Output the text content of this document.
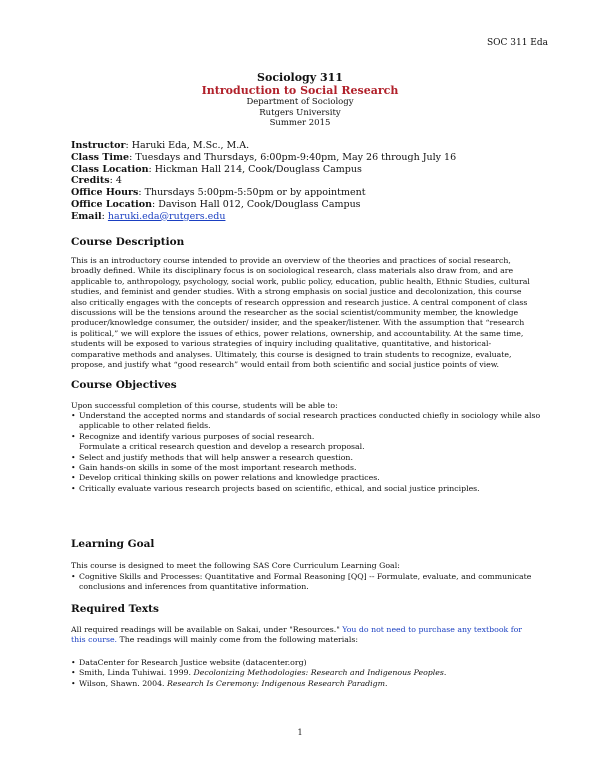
SOC 311 Eda
Sociology 311
Introduction to Social Research
Department of Sociology
Rutgers University
Summer 2015
Instructor: Haruki Eda, M.Sc., M.A.
Class Time: Tuesdays and Thursdays, 6:00pm-9:40pm, May 26 through July 16
Class Location: Hickman Hall 214, Cook/Douglass Campus
Credits: 4
Office Hours: Thursdays 5:00pm-5:50pm or by appointment
Office Location: Davison Hall 012, Cook/Douglass Campus
Email: haruki.eda@rutgers.edu
Course Description

This is an introductory course intended to provide an overview of the theories and practices of social research, broadly defined. While its disciplinary focus is on sociological research, class materials also draw from, and are applicable to, anthropology, psychology, social work, public policy, education, public health, Ethnic Studies, cultural studies, and feminist and gender studies. With a strong emphasis on social justice and decolonization, this course also critically engages with the concepts of research oppression and research justice. A central component of class discussions will be the tensions around the researcher as the social scientist/community member, the knowledge producer/knowledge consumer, the outsider/ insider, and the speaker/listener. With the assumption that “research is political,” we will explore the issues of ethics, power relations, ownership, and accountability. At the same time, students will be exposed to various strategies of inquiry including qualitative, quantitative, and historical-comparative methods and analyses. Ultimately, this course is designed to train students to recognize, evaluate, propose, and justify what “good research” would entail from both scientific and social justice points of view.

Course Objectives

Upon successful completion of this course, students will be able to:

• Understand the accepted norms and standards of social research practices conducted chiefly in sociology while also applicable to other related fields.
• Recognize and identify various purposes of social research.
Formulate a critical research question and develop a research proposal.
• Select and justify methods that will help answer a research question.
• Gain hands-on skills in some of the most important research methods.
• Develop critical thinking skills on power relations and knowledge practices.
• Critically evaluate various research projects based on scientific, ethical, and social justice principles.
Learning Goal

This course is designed to meet the following SAS Core Curriculum Learning Goal:

• Cognitive Skills and Processes: Quantitative and Formal Reasoning [QQ] -- Formulate, evaluate, and communicate conclusions and inferences from quantitative information.
Required Texts

All required readings will be available on Sakai, under "Resources." You do not need to purchase any textbook for this course. The readings will mainly come from the following materials:

• DataCenter for Research Justice website (datacenter.org)
• Smith, Linda Tuhiwai. 1999. Decolonizing Methodologies: Research and Indigenous Peoples.
• Wilson, Shawn. 2004. Research Is Ceremony: Indigenous Research Paradigm.
1
